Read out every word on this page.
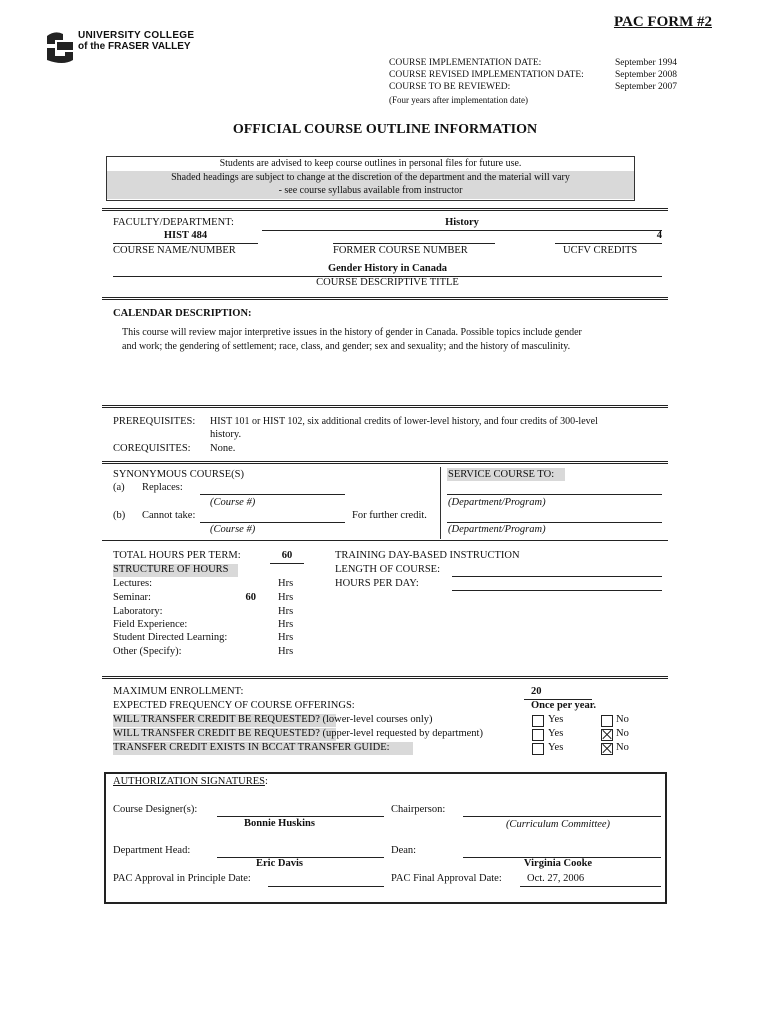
PAC FORM #2
UNIVERSITY COLLEGE
of the FRASER VALLEY
COURSE IMPLEMENTATION DATE:	September 1994
COURSE REVISED IMPLEMENTATION DATE:	September 2008
COURSE TO BE REVIEWED:	September 2007
(Four years after implementation date)
OFFICIAL COURSE OUTLINE INFORMATION
Students are advised to keep course outlines in personal files for future use.
Shaded headings are subject to change at the discretion of the department and the material will vary
- see course syllabus available from instructor
FACULTY/DEPARTMENT:	History
HIST 484	4
COURSE NAME/NUMBER	FORMER COURSE NUMBER	UCFV CREDITS
Gender History in Canada
COURSE DESCRIPTIVE TITLE
CALENDAR DESCRIPTION:
This course will review major interpretive issues in the history of gender in Canada. Possible topics include gender
and work; the gendering of settlement; race, class, and gender; sex and sexuality; and the history of masculinity.
PREREQUISITES: HIST 101 or HIST 102, six additional credits of lower-level history, and four credits of 300-level
history.
COREQUISITES: None.
SYNONYMOUS COURSE(S)
(a) Replaces:
(Course #)
(b) Cannot take:	For further credit.
(Course #)
SERVICE COURSE TO:
(Department/Program)
(Department/Program)
TOTAL HOURS PER TERM:	60
STRUCTURE OF HOURS
Lectures:	Hrs
Seminar:	60 Hrs
Laboratory:	Hrs
Field Experience:	Hrs
Student Directed Learning:	Hrs
Other (Specify):	Hrs
TRAINING DAY-BASED INSTRUCTION
LENGTH OF COURSE:
HOURS PER DAY:
MAXIMUM ENROLLMENT:	20
EXPECTED FREQUENCY OF COURSE OFFERINGS:	Once per year.
WILL TRANSFER CREDIT BE REQUESTED? (lower-level courses only)	Yes	No
WILL TRANSFER CREDIT BE REQUESTED? (upper-level requested by department)	Yes	No
TRANSFER CREDIT EXISTS IN BCCAT TRANSFER GUIDE:	Yes	No
AUTHORIZATION SIGNATURES:
Course Designer(s):
Bonnie Huskins
Chairperson:
(Curriculum Committee)
Department Head:
Eric Davis
Dean:
Virginia Cooke
PAC Approval in Principle Date:	PAC Final Approval Date: Oct. 27, 2006
